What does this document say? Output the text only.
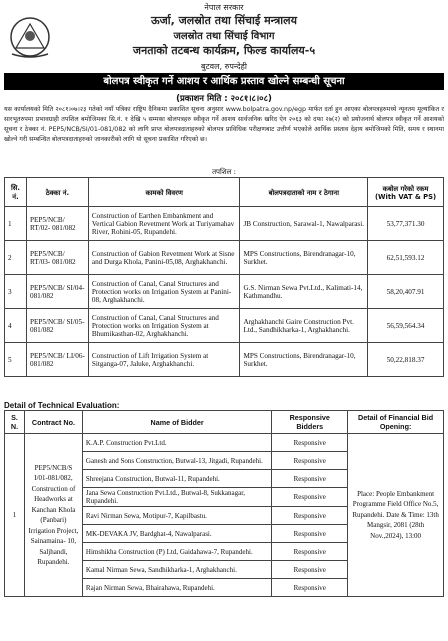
नेपाल सरकार
ऊर्जा, जलस्रोत तथा सिंचाई मन्त्रालय
जलस्रोत तथा सिंचाई विभाग
जनताको तटबन्ध कार्यक्रम, फिल्ड कार्यालय-५
बुटवल, रुपन्देही
बोलपत्र स्वीकृत गर्ने आशय र आर्थिक प्रस्ताव खोल्ने सम्बन्धी सूचना
(प्रकाशन मिति : २०८१।८।०८)
यस कार्यालयको मिति २०८१।०७।२३ गतेको नयाँ पत्रिका राष्ट्रिय दैनिकमा प्रकाशित सूचना अनुसार www.bolpatra.gov.np/egp मार्फत दर्ता हुन आएका बोलपत्रहरुमध्ये न्यूनतम मूल्यांकित र सारभूतरुपमा प्रभावग्राही तपशिल बमोजिमका सि.नं. १ देखि ५ सम्मका बोलपत्रहरु स्वीकृत गर्ने आशय सार्वजनिक खरिद ऐन २०६३ को दफा २७(२) को प्रयोजनार्थ बोलपत्र स्वीकृत गर्ने आशयको सूचना र ठेक्का नं. PEP5/NCB/SI/01-081/082 को लागि प्राप्त बोलपत्रदाताहरुको बोलपत्र प्राविधिक परीक्षणबाट उत्तीर्ण भएकोले आर्थिक प्रस्ताव देहाय बमोजिमको मिति, समय र स्थानमा खोल्ने गरी सम्बन्धित बोलपत्रदाताहरुको जानकारीको लागि यो सूचना प्रकाशित गरिएको छ।
तपशिल :
सि. नं.	ठेक्का नं.	कामको विवरण	बोलपत्रदाताको नाम र ठेगाना	कबोल गरेको रकम (With VAT & PS)
1	PEP5/NCB/ RT/02- 081/082	Construction of Earthen Embankment and Vertical Gabion Revetment Work at Turiyamahav River, Rohini-05, Rupandehi.	JB Construction, Sarawal-1, Nawalparasi.	53,77,371.30
2	PEP5/NCB/ RT/03- 081/082	Construction of Gabion Revetment Work at Sisne and Durga Khola, Panini-05,08, Arghakhanchi.	MPS Constructions, Birendranagar-10, Surkhet.	62,51,593.12
3	PEP5/NCB/ SI/04- 081/082	Construction of Canal, Canal Structures and Protection works on Irrigation System at Panini-08, Arghakhanchi.	G.S. Nirman Sewa Pvt.Ltd., Kalimati-14, Kathmandhu.	58,20,407.91
4	PEP5/NCB/ SI/05- 081/082	Construction of Canal, Canal Structures and Protection works on Irrigation System at Bhumikasthan-02, Arghakhanchi.	Arghakhanchi Gaire Construction Pvt. Ltd., Sandhikharka-1, Arghakhanchi.	56,59,564.34
5	PEP5/NCB/ LI/06- 081/082	Construction of Lift Irrigation System at Sitganga-07, Jaluke, Arghakhanchi.	MPS Constructions, Birendranagar-10, Surkhet.	50,22,818.37
Detail of Technical Evaluation:
S. N.	Contract No.	Name of Bidder	Responsive Bidders	Detail of Financial Bid Opening:
1	PEP5/NCB/S I/01-081/082, Construction of Headworks at Kanchan Khola (Panbari) Irrigation Project, Sainamaina- 10, Saljhandi, Rupandehi.	K.A.P. Construction Pvt.Ltd.	Responsive	Place: People Embankment Programme Field Office No.5, Rupandehi. Date & Time: 13th Mangsir, 2081 (28th Nov.,2024), 13:00
		Ganesh and Sons Construction, Butwal-13, Jitgadi, Rupandehi.	Responsive	
		Shreejana Construction, Butwal-11, Rupandehi.	Responsive	
		Jana Sewa Construction Pvt.Ltd., Butwal-8, Sukkanagar, Rupandehi.	Responsive	
		Ravi Nirman Sewa, Motipur-7, Kapilbastu.	Responsive	
		MK-DEVAKA JV, Bardghat-4, Nawalparasi.	Responsive	
		Himshikha Construction (P) Ltd, Gaidahawa-7, Rupandehi.	Responsive	
		Kamal Nirman Sewa, Sandhikharka-1, Arghakhanchi.	Responsive	
		Rajan Nirman Sewa, Bhairahawa, Rupandehi.	Responsive	
